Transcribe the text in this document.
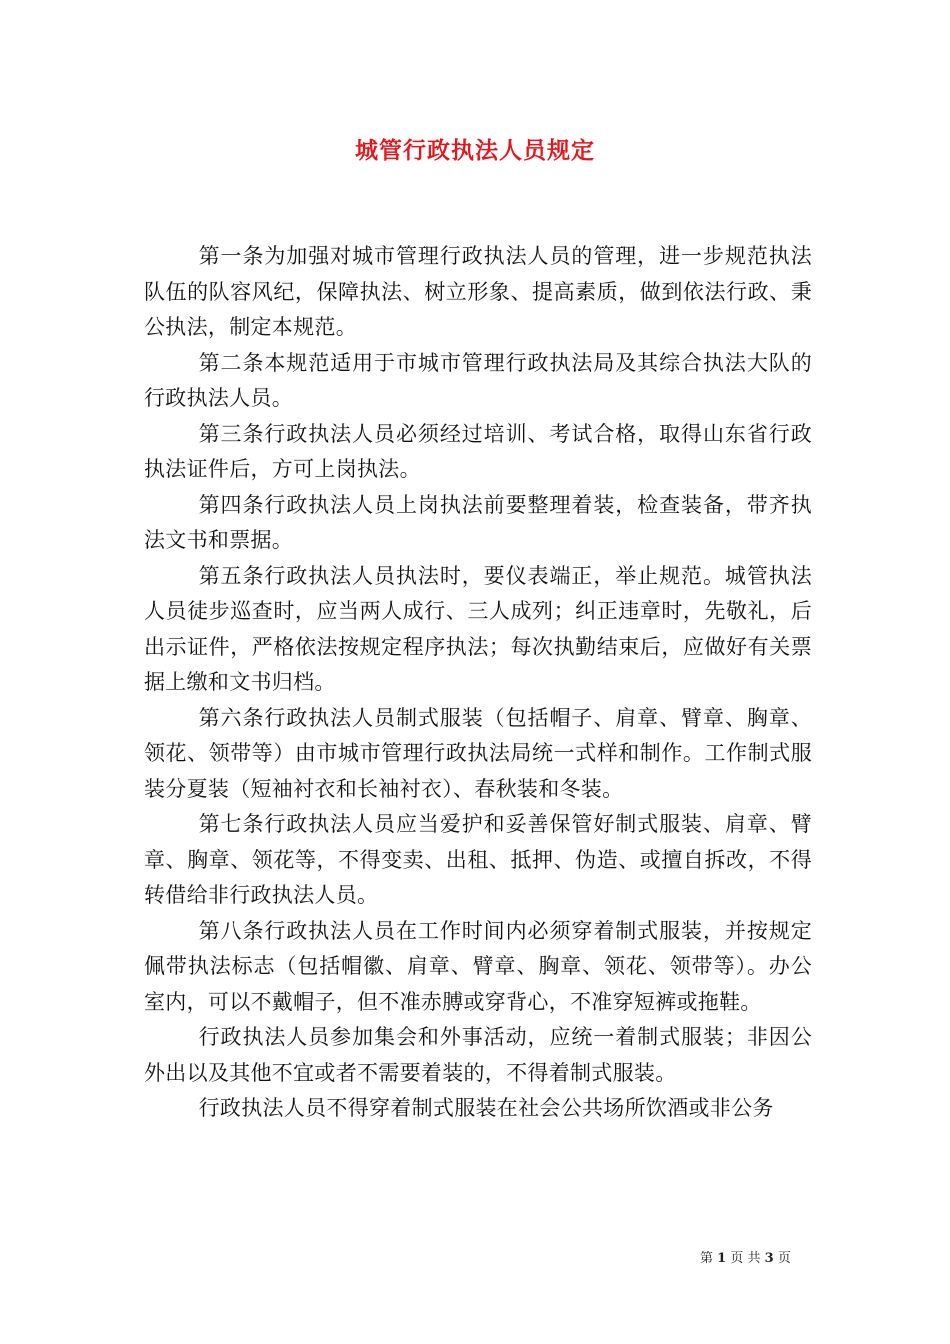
城管行政执法人员规定

第一条为加强对城市管理行政执法人员的管理，进一步规范执法队伍的队容风纪，保障执法、树立形象、提高素质，做到依法行政、秉公执法，制定本规范。

第二条本规范适用于市城市管理行政执法局及其综合执法大队的行政执法人员。

第三条行政执法人员必须经过培训、考试合格，取得山东省行政执法证件后，方可上岗执法。

第四条行政执法人员上岗执法前要整理着装，检查装备，带齐执法文书和票据。

第五条行政执法人员执法时，要仪表端正，举止规范。城管执法人员徒步巡查时，应当两人成行、三人成列；纠正违章时，先敬礼，后出示证件，严格依法按规定程序执法；每次执勤结束后，应做好有关票据上缴和文书归档。

第六条行政执法人员制式服装（包括帽子、肩章、臂章、胸章、领花、领带等）由市城市管理行政执法局统一式样和制作。工作制式服装分夏装（短袖衬衣和长袖衬衣）、春秋装和冬装。

第七条行政执法人员应当爱护和妥善保管好制式服装、肩章、臂章、胸章、领花等，不得变卖、出租、抵押、伪造、或擅自拆改，不得转借给非行政执法人员。

第八条行政执法人员在工作时间内必须穿着制式服装，并按规定佩带执法标志（包括帽徽、肩章、臂章、胸章、领花、领带等）。办公室内，可以不戴帽子，但不准赤膊或穿背心，不准穿短裤或拖鞋。

行政执法人员参加集会和外事活动，应统一着制式服装；非因公外出以及其他不宜或者不需要着装的，不得着制式服装。

行政执法人员不得穿着制式服装在社会公共场所饮酒或非公务

第 1 页 共 3 页
